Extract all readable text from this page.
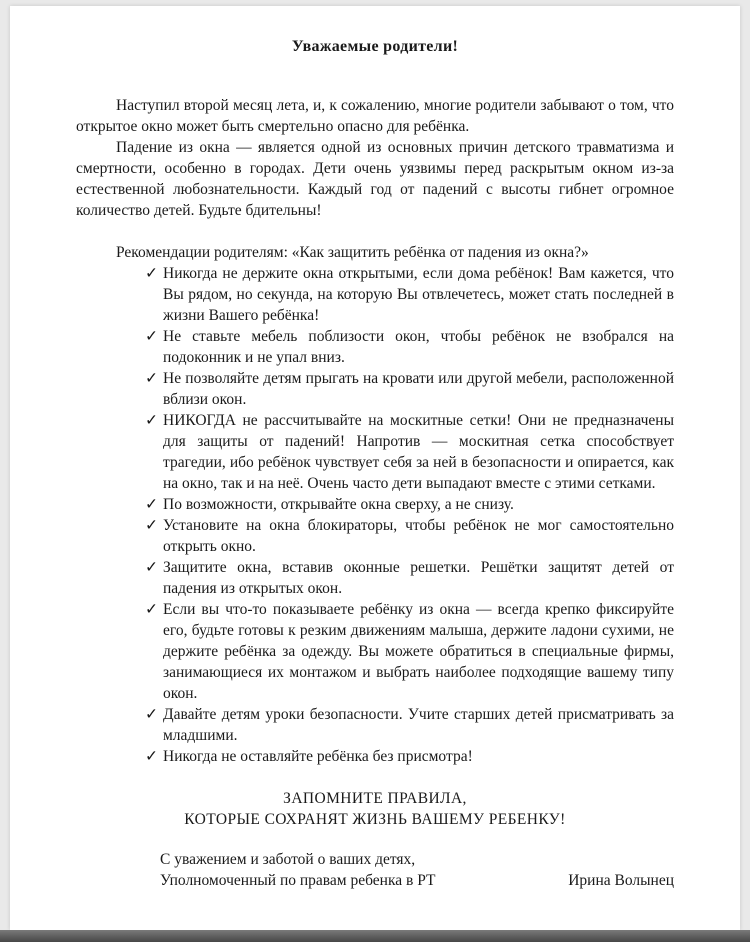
Уважаемые родители!

Наступил второй месяц лета, и, к сожалению, многие родители забывают о том, что открытое окно может быть смертельно опасно для ребёнка.

Падение из окна — является одной из основных причин детского травматизма и смертности, особенно в городах. Дети очень уязвимы перед раскрытым окном из-за естественной любознательности. Каждый год от падений с высоты гибнет огромное количество детей. Будьте бдительны!

Рекомендации родителям: «Как защитить ребёнка от падения из окна?»

✓ Никогда не держите окна открытыми, если дома ребёнок! Вам кажется, что Вы рядом, но секунда, на которую Вы отвлечетесь, может стать последней в жизни Вашего ребёнка!
✓ Не ставьте мебель поблизости окон, чтобы ребёнок не взобрался на подоконник и не упал вниз.
✓ Не позволяйте детям прыгать на кровати или другой мебели, расположенной вблизи окон.
✓ НИКОГДА не рассчитывайте на москитные сетки! Они не предназначены для защиты от падений! Напротив — москитная сетка способствует трагедии, ибо ребёнок чувствует себя за ней в безопасности и опирается, как на окно, так и на неё. Очень часто дети выпадают вместе с этими сетками.
✓ По возможности, открывайте окна сверху, а не снизу.
✓ Установите на окна блокираторы, чтобы ребёнок не мог самостоятельно открыть окно.
✓ Защитите окна, вставив оконные решетки. Решётки защитят детей от падения из открытых окон.
✓ Если вы что-то показываете ребёнку из окна — всегда крепко фиксируйте его, будьте готовы к резким движениям малыша, держите ладони сухими, не держите ребёнка за одежду. Вы можете обратиться в специальные фирмы, занимающиеся их монтажом и выбрать наиболее подходящие вашему типу окон.
✓ Давайте детям уроки безопасности. Учите старших детей присматривать за младшими.
✓ Никогда не оставляйте ребёнка без присмотра!
ЗАПОМНИТЕ ПРАВИЛА,
КОТОРЫЕ СОХРАНЯТ ЖИЗНЬ ВАШЕМУ РЕБЕНКУ!
С уважением и заботой о ваших детях,
Уполномоченный по правам ребенка в РТ	Ирина Волынец
